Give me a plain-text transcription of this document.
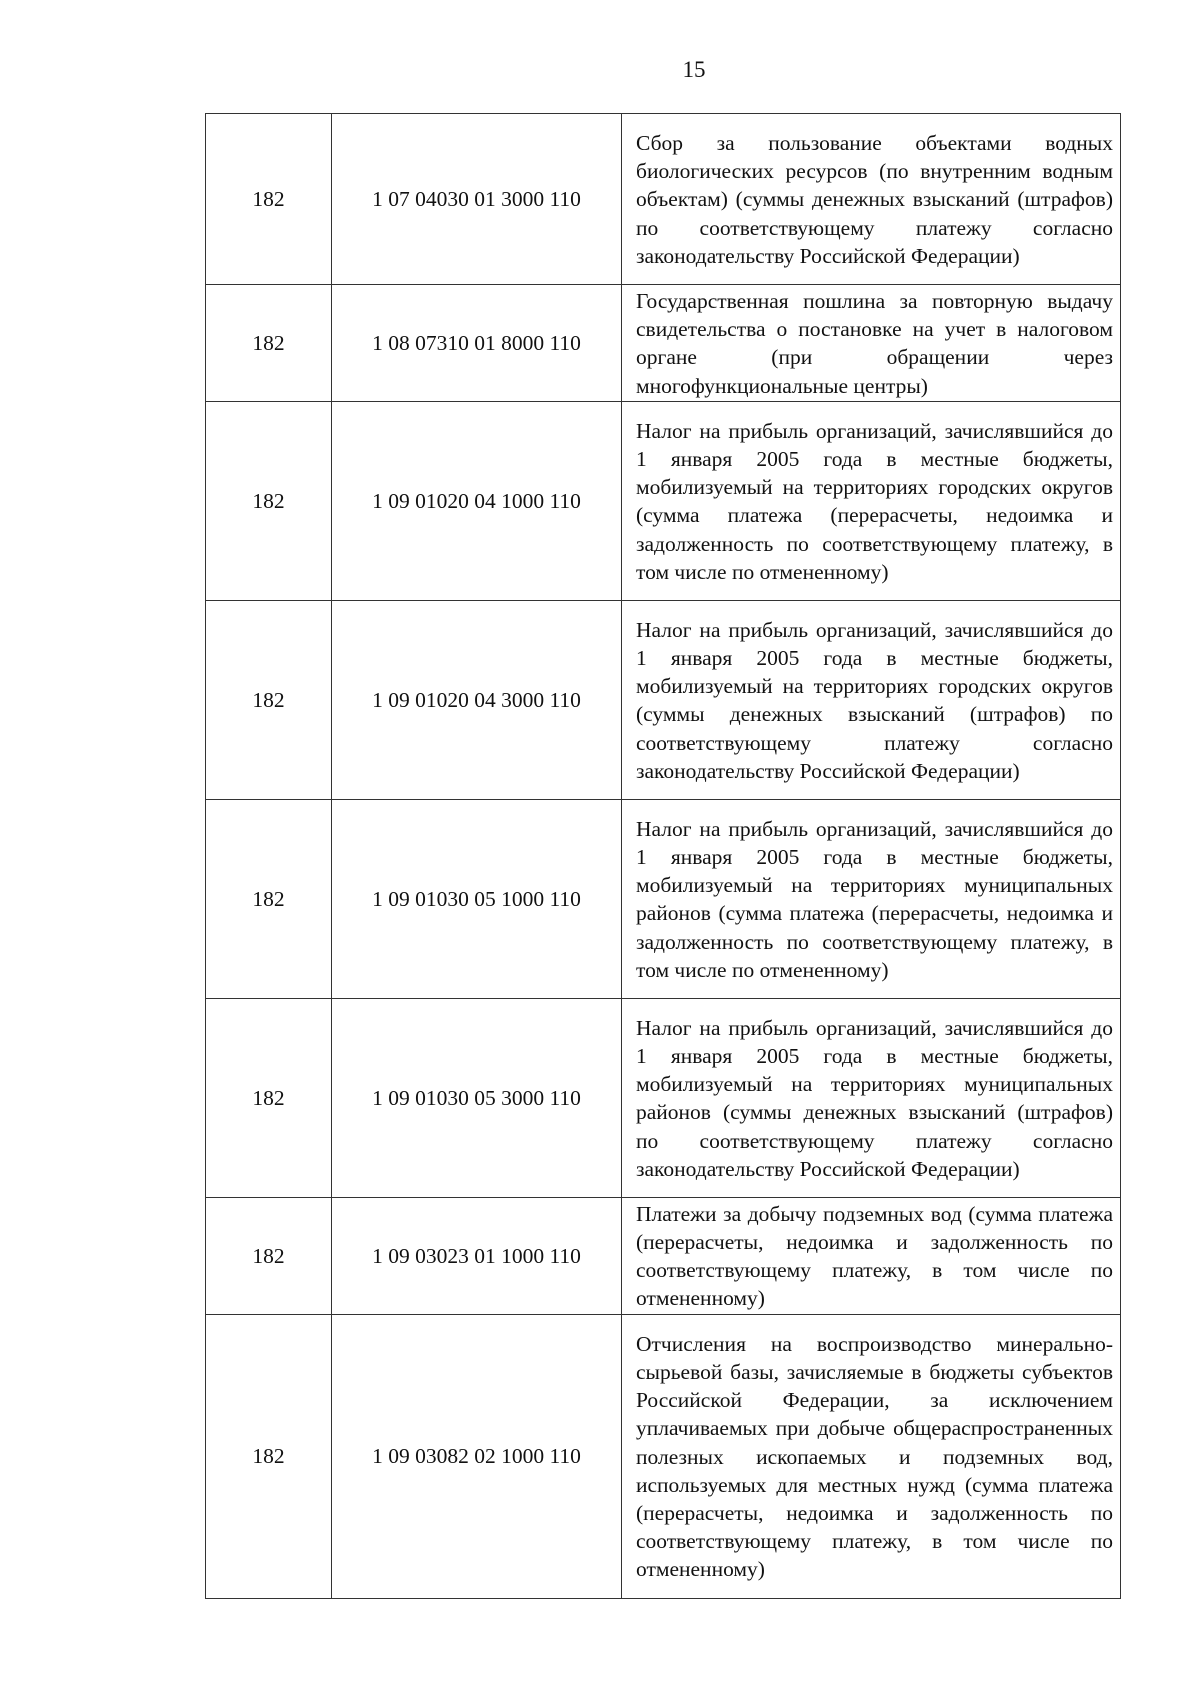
15
182	1 07 04030 01 3000 110	Сбор за пользование объектами водных биологических ресурсов (по внутренним водным объектам) (суммы денежных взысканий (штрафов) по соответствующему платежу согласно законодательству Российской Федерации)
182	1 08 07310 01 8000 110	Государственная пошлина за повторную выдачу свидетельства о постановке на учет в налоговом органе (при обращении через многофункциональные центры)
182	1 09 01020 04 1000 110	Налог на прибыль организаций, зачислявшийся до 1 января 2005 года в местные бюджеты, мобилизуемый на территориях городских округов (сумма платежа (перерасчеты, недоимка и задолженность по соответствующему платежу, в том числе по отмененному)
182	1 09 01020 04 3000 110	Налог на прибыль организаций, зачислявшийся до 1 января 2005 года в местные бюджеты, мобилизуемый на территориях городских округов (суммы денежных взысканий (штрафов) по соответствующему платежу согласно законодательству Российской Федерации)
182	1 09 01030 05 1000 110	Налог на прибыль организаций, зачислявшийся до 1 января 2005 года в местные бюджеты, мобилизуемый на территориях муниципальных районов (сумма платежа (перерасчеты, недоимка и задолженность по соответствующему платежу, в том числе по отмененному)
182	1 09 01030 05 3000 110	Налог на прибыль организаций, зачислявшийся до 1 января 2005 года в местные бюджеты, мобилизуемый на территориях муниципальных районов (суммы денежных взысканий (штрафов) по соответствующему платежу согласно законодательству Российской Федерации)
182	1 09 03023 01 1000 110	Платежи за добычу подземных вод (сумма платежа (перерасчеты, недоимка и задолженность по соответствующему платежу, в том числе по отмененному)
182	1 09 03082 02 1000 110	Отчисления на воспроизводство минерально-сырьевой базы, зачисляемые в бюджеты субъектов Российской Федерации, за исключением уплачиваемых при добыче общераспространенных полезных ископаемых и подземных вод, используемых для местных нужд (сумма платежа (перерасчеты, недоимка и задолженность по соответствующему платежу, в том числе по отмененному)
